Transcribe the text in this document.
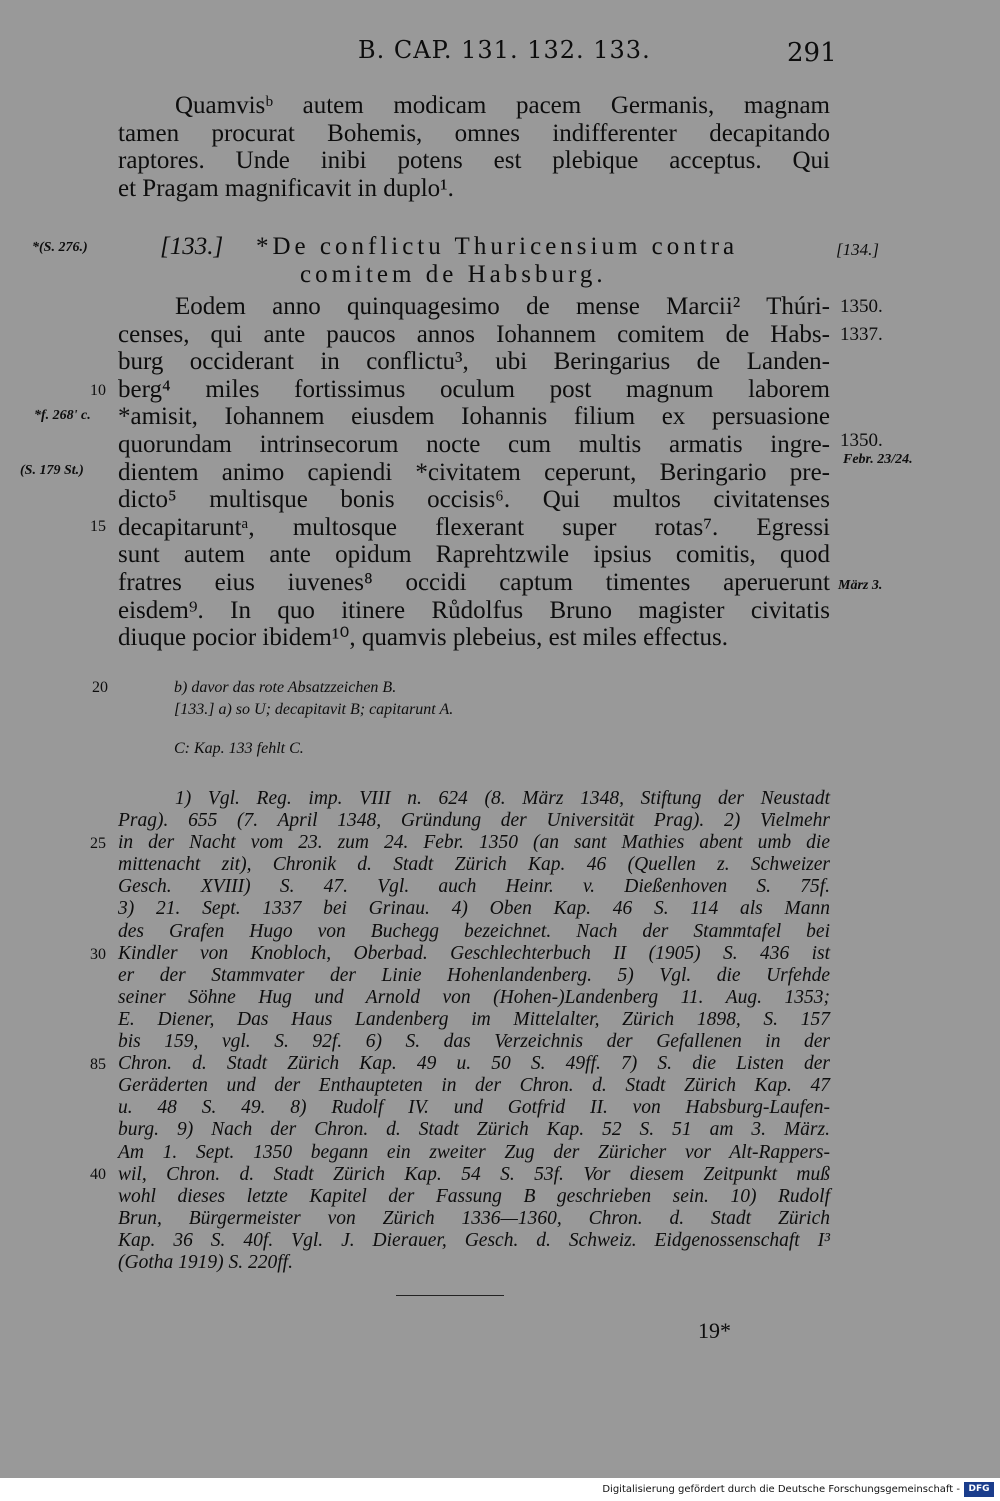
B. CAP. 131. 132. 133.	291
Quamvisᵇ autem modicam pacem Germanis, magnam
tamen procurat Bohemis, omnes indifferenter decapitando
raptores. Unde inibi potens est plebique acceptus. Qui
et Pragam magnificavit in duplo¹.
*(S. 276.)	[133.] *De conflictu Thuricensium contra
comitem de Habsburg.
[134.]
Eodem anno quinquagesimo de mense Marcii² Thúri-
censes, qui ante paucos annos Iohannem comitem de Habs-
burg occiderant in conflictu³, ubi Beringarius de Landen-
berg⁴ miles fortissimus oculum post magnum laborem
*amisit, Iohannem eiusdem Iohannis filium ex persuasione
quorundam intrinsecorum nocte cum multis armatis ingre-
dientem animo capiendi *civitatem ceperunt, Beringario pre-
dicto⁵ multisque bonis occisis⁶. Qui multos civitatenses
decapitaruntᵃ, multosque flexerant super rotas⁷. Egressi
sunt autem ante opidum Raprehtzwile ipsius comitis, quod
fratres eius iuvenes⁸ occidi captum timentes aperuerunt
eisdem⁹. In quo itinere Růdolfus Bruno magister civitatis
diuque pocior ibidem¹⁰, quamvis plebeius, est miles effectus.
10
*f. 268' c.
(S. 179 St.)
15
1350.
1337.
1350.
Febr. 23/24.
März 3.
20	b) davor das rote Absatzzeichen B.
[133.] a) so U; decapitavit B; capitarunt A.
C: Kap. 133 fehlt C.
1) Vgl. Reg. imp. VIII n. 624 (8. März 1348, Stiftung der Neustadt
Prag). 655 (7. April 1348, Gründung der Universität Prag). 2) Vielmehr
in der Nacht vom 23. zum 24. Febr. 1350 (an sant Mathies abent umb die
mittenacht zit), Chronik d. Stadt Zürich Kap. 46 (Quellen z. Schweizer
Gesch. XVIII) S. 47. Vgl. auch Heinr. v. Dießenhoven S. 75f.
3) 21. Sept. 1337 bei Grinau. 4) Oben Kap. 46 S. 114 als Mann
des Grafen Hugo von Buchegg bezeichnet. Nach der Stammtafel bei
Kindler von Knobloch, Oberbad. Geschlechterbuch II (1905) S. 436 ist
er der Stammvater der Linie Hohenlandenberg. 5) Vgl. die Urfehde
seiner Söhne Hug und Arnold von (Hohen-)Landenberg 11. Aug. 1353;
E. Diener, Das Haus Landenberg im Mittelalter, Zürich 1898, S. 157
bis 159, vgl. S. 92f. 6) S. das Verzeichnis der Gefallenen in der
Chron. d. Stadt Zürich Kap. 49 u. 50 S. 49ff. 7) S. die Listen der
Geräderten und der Enthaupteten in der Chron. d. Stadt Zürich Kap. 47
u. 48 S. 49. 8) Rudolf IV. und Gotfrid II. von Habsburg-Laufen-
burg. 9) Nach der Chron. d. Stadt Zürich Kap. 52 S. 51 am 3. März.
Am 1. Sept. 1350 begann ein zweiter Zug der Züricher vor Alt-Rappers-
wil, Chron. d. Stadt Zürich Kap. 54 S. 53f. Vor diesem Zeitpunkt muß
wohl dieses letzte Kapitel der Fassung B geschrieben sein. 10) Rudolf
Brun, Bürgermeister von Zürich 1336—1360, Chron. d. Stadt Zürich
Kap. 36 S. 40f. Vgl. J. Dierauer, Gesch. d. Schweiz. Eidgenossenschaft I³
(Gotha 1919) S. 220ff.
25
30
85
40
19*
Digitalisierung gefördert durch die Deutsche Forschungsgemeinschaft - DFG
